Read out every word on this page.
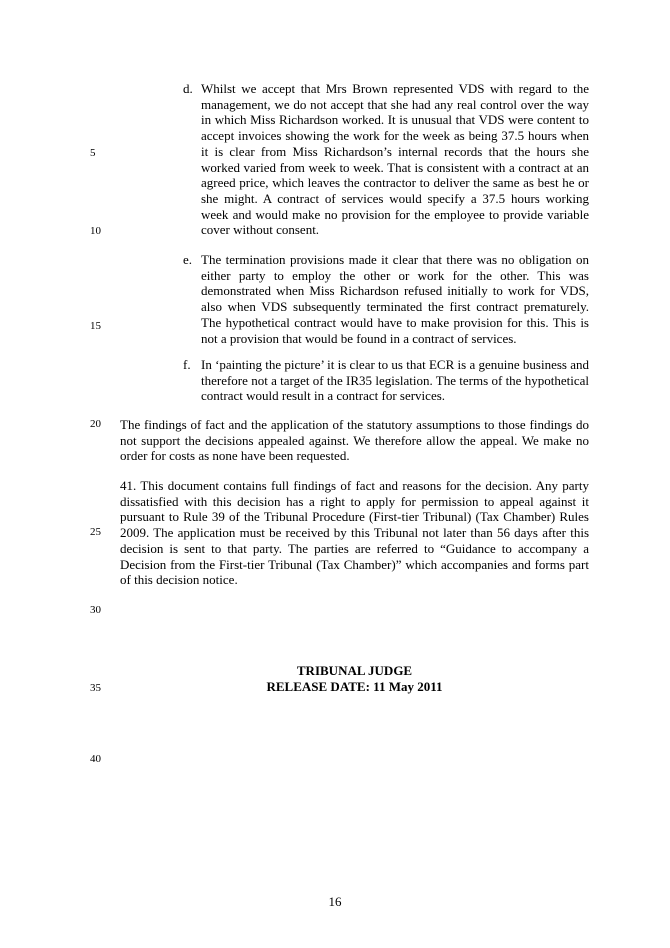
5
10
15
20
25
30
35
40
d. Whilst we accept that Mrs Brown represented VDS with regard to the management, we do not accept that she had any real control over the way in which Miss Richardson worked. It is unusual that VDS were content to accept invoices showing the work for the week as being 37.5 hours when it is clear from Miss Richardson’s internal records that the hours she worked varied from week to week. That is consistent with a contract at an agreed price, which leaves the contractor to deliver the same as best he or she might. A contract of services would specify a 37.5 hours working week and would make no provision for the employee to provide variable cover without consent.

e. The termination provisions made it clear that there was no obligation on either party to employ the other or work for the other. This was demonstrated when Miss Richardson refused initially to work for VDS, also when VDS subsequently terminated the first contract prematurely. The hypothetical contract would have to make provision for this. This is not a provision that would be found in a contract of services.

f. In ‘painting the picture’ it is clear to us that ECR is a genuine business and therefore not a target of the IR35 legislation. The terms of the hypothetical contract would result in a contract for services.

The findings of fact and the application of the statutory assumptions to those findings do not support the decisions appealed against. We therefore allow the appeal. We make no order for costs as none have been requested.

41. This document contains full findings of fact and reasons for the decision. Any party dissatisfied with this decision has a right to apply for permission to appeal against it pursuant to Rule 39 of the Tribunal Procedure (First-tier Tribunal) (Tax Chamber) Rules 2009. The application must be received by this Tribunal not later than 56 days after this decision is sent to that party. The parties are referred to “Guidance to accompany a Decision from the First-tier Tribunal (Tax Chamber)” which accompanies and forms part of this decision notice.

TRIBUNAL JUDGE
RELEASE DATE: 11 May 2011
16
